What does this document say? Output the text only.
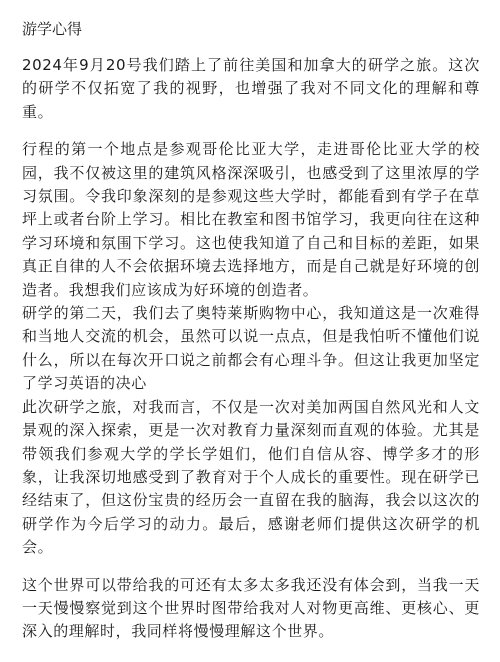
游学心得

2024年9月20号我们踏上了前往美国和加拿大的研学之旅。这次的研学不仅拓宽了我的视野，也增强了我对不同文化的理解和尊重。

行程的第一个地点是参观哥伦比亚大学，走进哥伦比亚大学的校园，我不仅被这里的建筑风格深深吸引，也感受到了这里浓厚的学习氛围。令我印象深刻的是参观这些大学时，都能看到有学子在草坪上或者台阶上学习。相比在教室和图书馆学习，我更向往在这种学习环境和氛围下学习。这也使我知道了自己和目标的差距，如果真正自律的人不会依据环境去选择地方，而是自己就是好环境的创造者。我想我们应该成为好环境的创造者。

研学的第二天，我们去了奥特莱斯购物中心，我知道这是一次难得和当地人交流的机会，虽然可以说一点点，但是我怕听不懂他们说什么，所以在每次开口说之前都会有心理斗争。但这让我更加坚定了学习英语的决心

此次研学之旅，对我而言，不仅是一次对美加两国自然风光和人文景观的深入探索，更是一次对教育力量深刻而直观的体验。尤其是带领我们参观大学的学长学姐们，他们自信从容、博学多才的形象，让我深切地感受到了教育对于个人成长的重要性。现在研学已经结束了，但这份宝贵的经历会一直留在我的脑海，我会以这次的研学作为今后学习的动力。最后，感谢老师们提供这次研学的机会。

这个世界可以带给我的可还有太多太多我还没有体会到，当我一天一天慢慢察觉到这个世界时图带给我对人对物更高维、更核心、更深入的理解时，我同样将慢慢理解这个世界。
